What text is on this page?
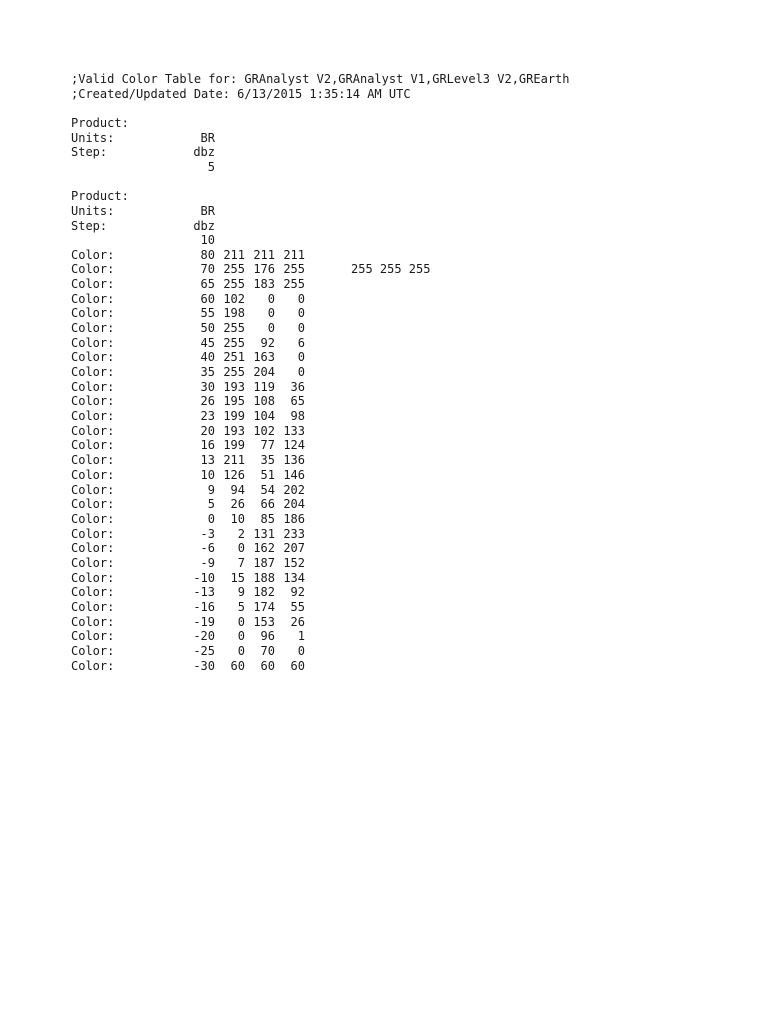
;Valid Color Table for: GRAnalyst V2,GRAnalyst V1,GRLevel3 V2,GREarth
;Created/Updated Date: 6/13/2015 1:35:14 AM UTC

Product:

BR

Units:

dbz

Step:

5

Product:

BR

Units:

dbz

Step:

10

Color:	80 211 211 211
Color:	70 255 176 255	255 255 255
Color:	65 255 183 255
Color:	60 102	0	0
Color:	55 198	0	0
Color:	50 255	0	0
Color:	45 255	92	6
Color:	40 251 163	0
Color:	35 255 204	0
Color:	30 193 119	36
Color:	26 195 108	65
Color:	23 199 104	98
Color:	20 193 102 133
Color:	16 199	77 124
Color:	13 211	35 136
Color:	10 126	51 146
Color:	9	94	54 202
Color:	5	26	66 204
Color:	0	10	85 186
Color:	-3	2 131 233
Color:	-6	0 162 207
Color:	-9	7 187 152
Color:	-10	15 188 134
Color:	-13	9 182	92
Color:	-16	5 174	55
Color:	-19	0 153	26
Color:	-20	0	96	1
Color:	-25	0	70	0
Color:	-30	60	60	60
